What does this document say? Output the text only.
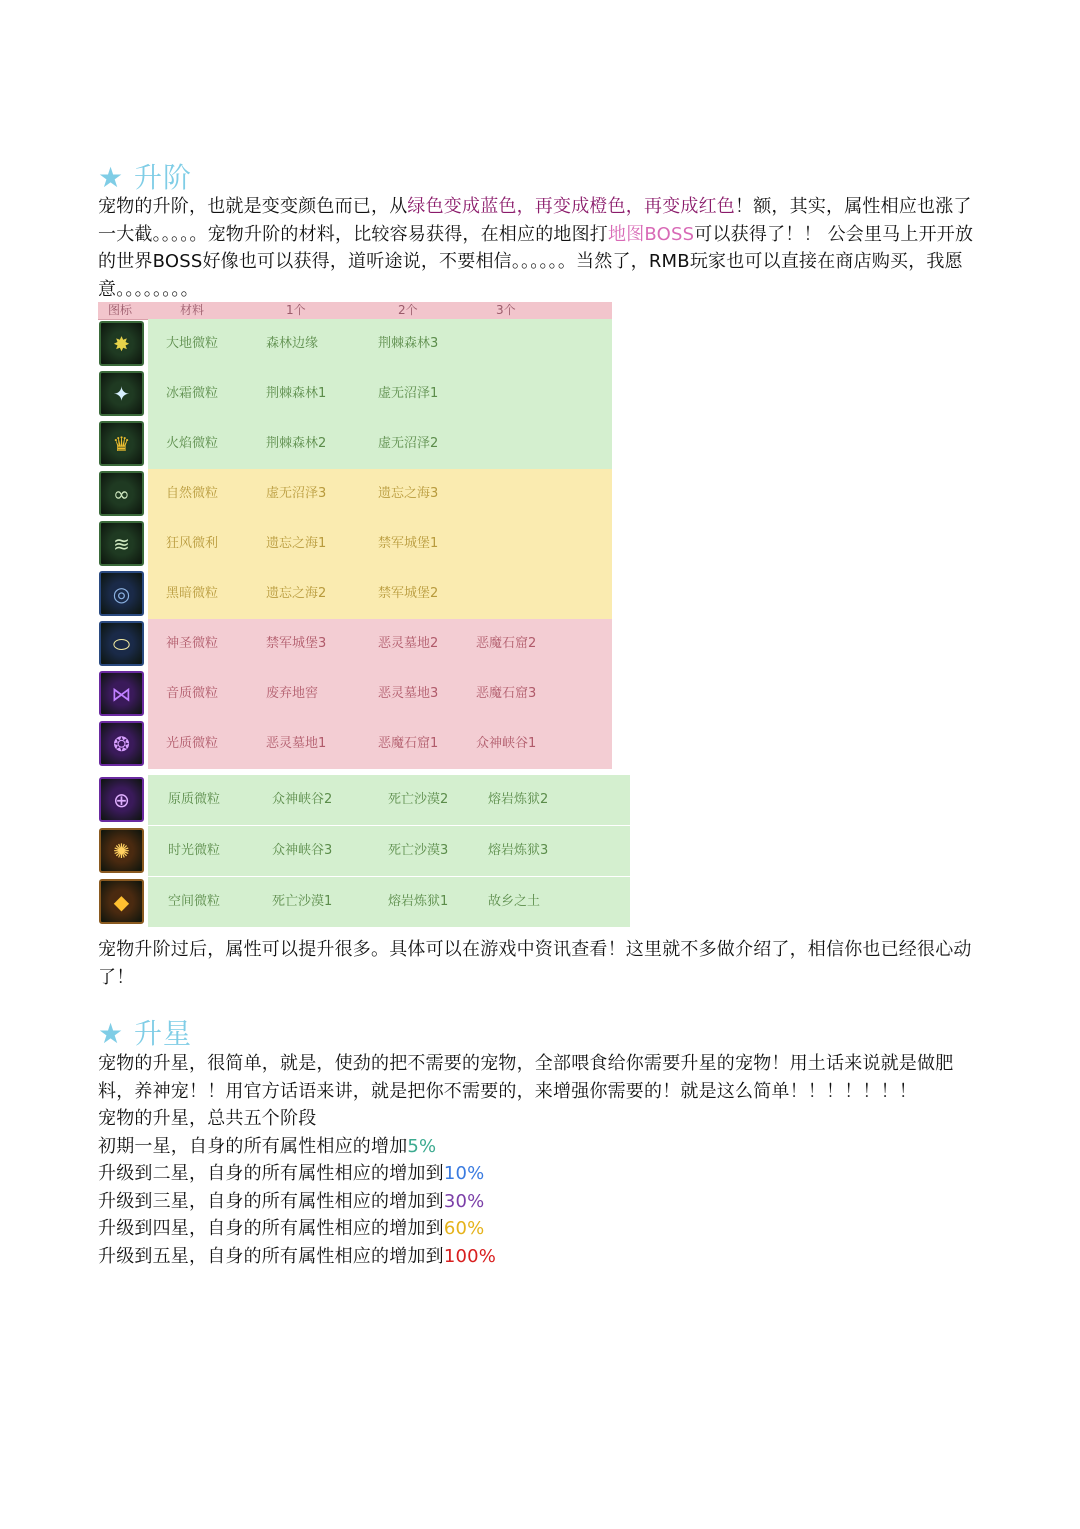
★ 升阶
宠物的升阶，也就是变变颜色而已，从绿色变成蓝色，再变成橙色，再变成红色！额，其实，属性相应也涨了一大截。。。。。宠物升阶的材料，比较容易获得，在相应的地图打地图BOSS可以获得了！！ 公会里马上开开放的世界BOSS好像也可以获得，道听途说，不要相信。。。。。。当然了，RMB玩家也可以直接在商店购买，我愿意。。。。。。。。
图标	材料	1个	2个	3个
✸	大地微粒	森林边缘	荆棘森林3
✦	冰霜微粒	荆棘森林1	虚无沼泽1
♛	火焰微粒	荆棘森林2	虚无沼泽2
∞	自然微粒	虚无沼泽3	遗忘之海3
≋	狂风微利	遗忘之海1	禁军城堡1
◎	黑暗微粒	遗忘之海2	禁军城堡2
⬭	神圣微粒	禁军城堡3	恶灵墓地2	恶魔石窟2
⋈	音质微粒	废弃地窖	恶灵墓地3	恶魔石窟3
❂	光质微粒	恶灵墓地1	恶魔石窟1	众神峡谷1
⊕	原质微粒	众神峡谷2	死亡沙漠2	熔岩炼狱2
✺	时光微粒	众神峡谷3	死亡沙漠3	熔岩炼狱3
◆	空间微粒	死亡沙漠1	熔岩炼狱1	故乡之土
宠物升阶过后，属性可以提升很多。具体可以在游戏中资讯查看！这里就不多做介绍了，相信你也已经很心动了！
★ 升星
宠物的升星，很简单，就是，使劲的把不需要的宠物，全部喂食给你需要升星的宠物！用土话来说就是做肥料，养神宠！！用官方话语来讲，就是把你不需要的，来增强你需要的！就是这么简单！！！！！！！
宠物的升星，总共五个阶段
初期一星，自身的所有属性相应的增加5%
升级到二星，自身的所有属性相应的增加到10%
升级到三星，自身的所有属性相应的增加到30%
升级到四星，自身的所有属性相应的增加到60%
升级到五星，自身的所有属性相应的增加到100%
